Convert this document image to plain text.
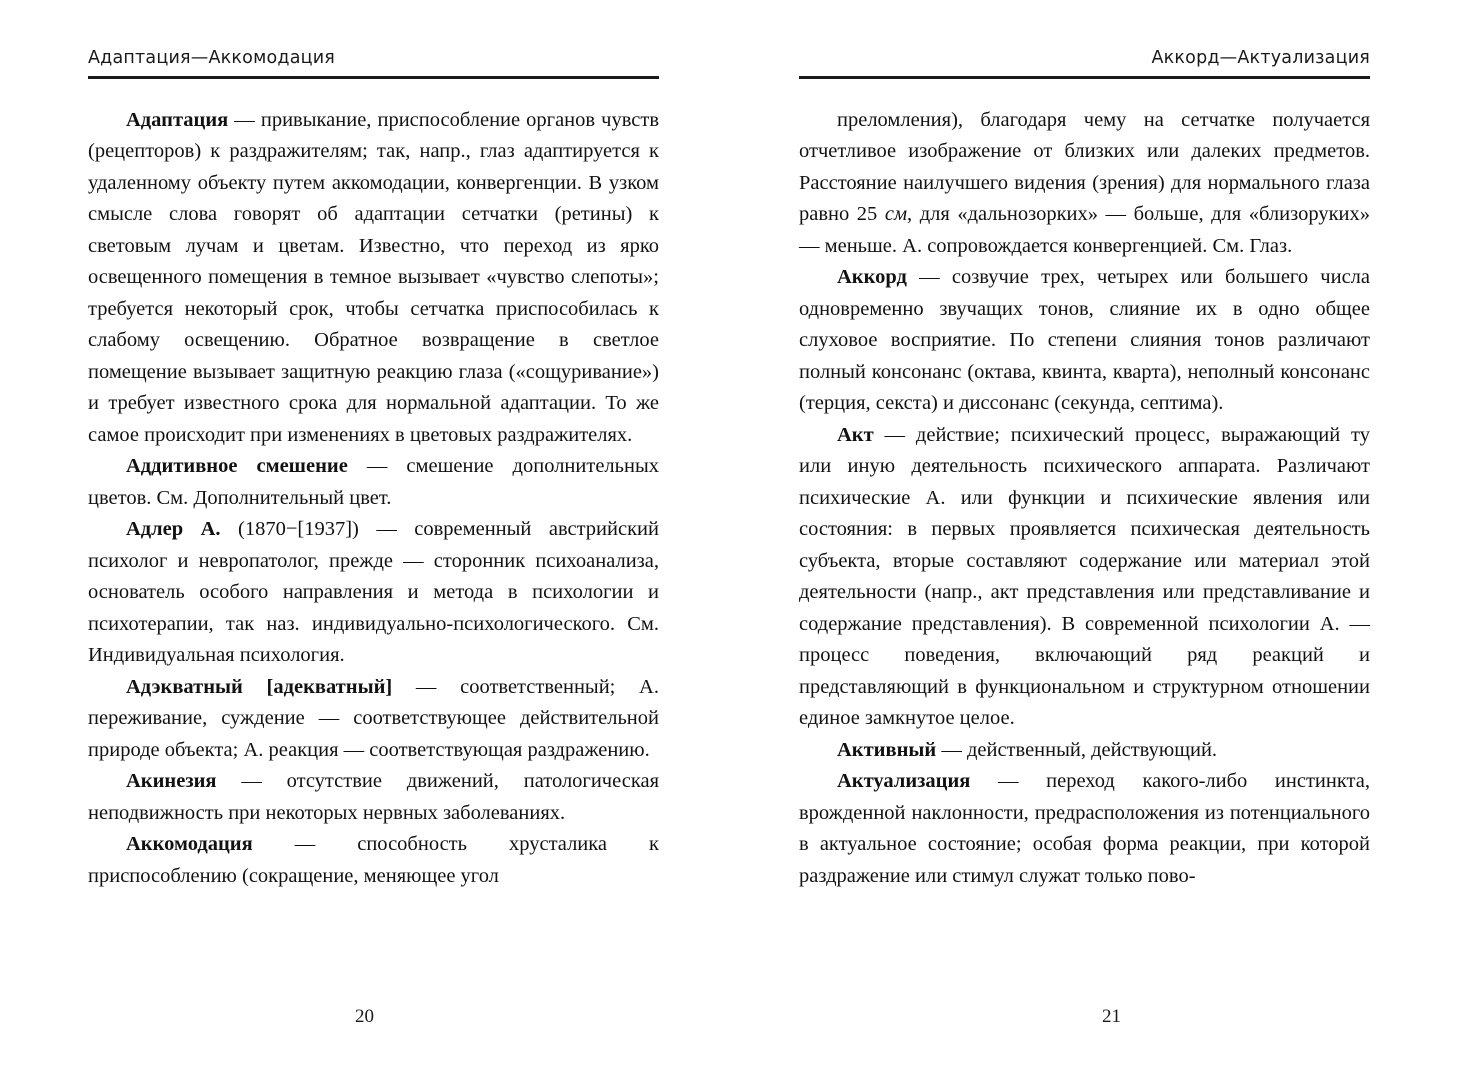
Адаптация—Аккомодация

Адаптация — привыкание, приспособление органов чувств (рецепторов) к раздражителям; так, напр., глаз адаптируется к удаленному объекту путем аккомодации, конвергенции. В узком смысле слова говорят об адаптации сетчатки (ретины) к световым лучам и цветам. Известно, что переход из ярко освещенного помещения в темное вызывает «чувство слепоты»; требуется некоторый срок, чтобы сетчатка приспособилась к слабому освещению. Обратное возвращение в светлое помещение вызывает защитную реакцию глаза («сощуривание») и требует известного срока для нормальной адаптации. То же самое происходит при изменениях в цветовых раздражителях.

Аддитивное смешение — смешение дополнительных цветов. См. Дополнительный цвет.

Адлер А. (1870−[1937]) — современный австрийский психолог и невропатолог, прежде — сторонник психоанализа, основатель особого направления и метода в психологии и психотерапии, так наз. индивидуально-психологического. См. Индивидуальная психология.

Адэкватный [адекватный] — соответственный; А. переживание, суждение — соответствующее действительной природе объекта; А. реакция — соответствующая раздражению.

Акинезия — отсутствие движений, патологическая неподвижность при некоторых нервных заболеваниях.

Аккомодация — способность хрусталика к приспособлению (сокращение, меняющее угол

20
Аккорд—Актуализация

преломления), благодаря чему на сетчатке получается отчетливое изображение от близких или далеких предметов. Расстояние наилучшего видения (зрения) для нормального глаза равно 25 см, для «дальнозорких» — больше, для «близоруких» — меньше. А. сопровождается конвергенцией. См. Глаз.

Аккорд — созвучие трех, четырех или большего числа одновременно звучащих тонов, слияние их в одно общее слуховое восприятие. По степени слияния тонов различают полный консонанс (октава, квинта, кварта), неполный консонанс (терция, секста) и диссонанс (секунда, септима).

Акт — действие; психический процесс, выражающий ту или иную деятельность психического аппарата. Различают психические А. или функции и психические явления или состояния: в первых проявляется психическая деятельность субъекта, вторые составляют содержание или материал этой деятельности (напр., акт представления или представливание и содержание представления). В современной психологии А. — процесс поведения, включающий ряд реакций и представляющий в функциональном и структурном отношении единое замкнутое целое.

Активный — действенный, действующий.

Актуализация — переход какого-либо инстинкта, врожденной наклонности, предрасположения из потенциального в актуальное состояние; особая форма реакции, при которой раздражение или стимул служат только пово-

21
